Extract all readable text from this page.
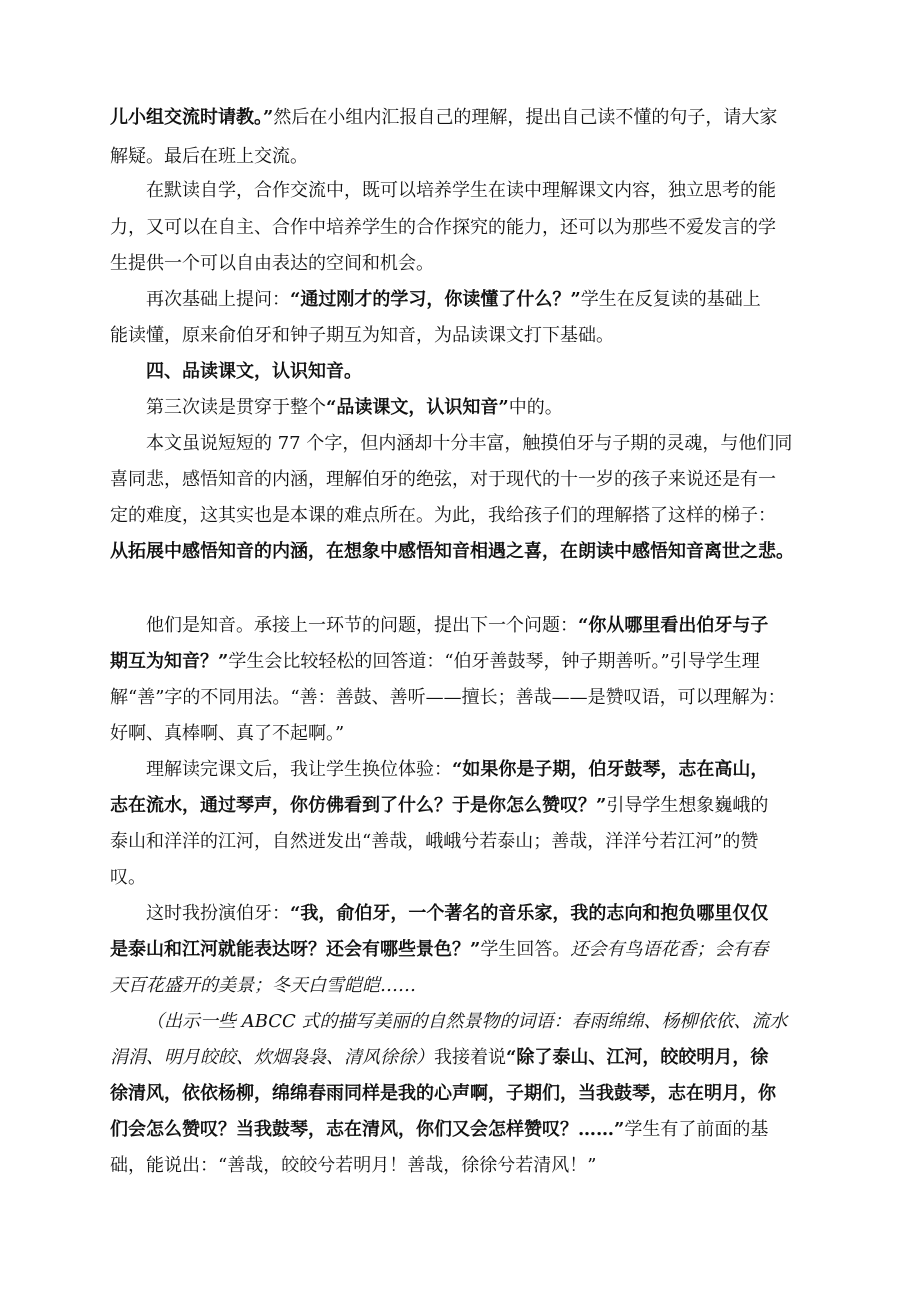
儿小组交流时请教。”然后在小组内汇报自己的理解，提出自己读不懂的句子，请大家
解疑。最后在班上交流。
在默读自学，合作交流中，既可以培养学生在读中理解课文内容，独立思考的能
力，又可以在自主、合作中培养学生的合作探究的能力，还可以为那些不爱发言的学
生提供一个可以自由表达的空间和机会。
再次基础上提问：“通过刚才的学习，你读懂了什么？”学生在反复读的基础上
能读懂，原来俞伯牙和钟子期互为知音，为品读课文打下基础。
四、品读课文，认识知音。
第三次读是贯穿于整个“品读课文，认识知音”中的。
本文虽说短短的 77 个字，但内涵却十分丰富，触摸伯牙与子期的灵魂，与他们同
喜同悲，感悟知音的内涵，理解伯牙的绝弦，对于现代的十一岁的孩子来说还是有一
定的难度，这其实也是本课的难点所在。为此，我给孩子们的理解搭了这样的梯子：
从拓展中感悟知音的内涵，在想象中感悟知音相遇之喜，在朗读中感悟知音离世之悲。
他们是知音。承接上一环节的问题，提出下一个问题：“你从哪里看出伯牙与子
期互为知音？”学生会比较轻松的回答道：“伯牙善鼓琴，钟子期善听。”引导学生理
解“善”字的不同用法。“善：善鼓、善听——擅长；善哉——是赞叹语，可以理解为：
好啊、真棒啊、真了不起啊。”
理解读完课文后，我让学生换位体验：“如果你是子期，伯牙鼓琴，志在高山，
志在流水，通过琴声，你仿佛看到了什么？于是你怎么赞叹？”引导学生想象巍峨的
泰山和洋洋的江河，自然迸发出“善哉，峨峨兮若泰山；善哉，洋洋兮若江河”的赞
叹。
这时我扮演伯牙：“我，俞伯牙，一个著名的音乐家，我的志向和抱负哪里仅仅
是泰山和江河就能表达呀？还会有哪些景色？”学生回答。还会有鸟语花香；会有春
天百花盛开的美景；冬天白雪皑皑……
（出示一些 ABCC 式的描写美丽的自然景物的词语：春雨绵绵、杨柳依依、流水
涓涓、明月皎皎、炊烟袅袅、清风徐徐）我接着说“除了泰山、江河，皎皎明月，徐
徐清风，依依杨柳，绵绵春雨同样是我的心声啊，子期们，当我鼓琴，志在明月，你
们会怎么赞叹？当我鼓琴，志在清风，你们又会怎样赞叹？……”学生有了前面的基
础，能说出：“善哉，皎皎兮若明月！善哉，徐徐兮若清风！”
